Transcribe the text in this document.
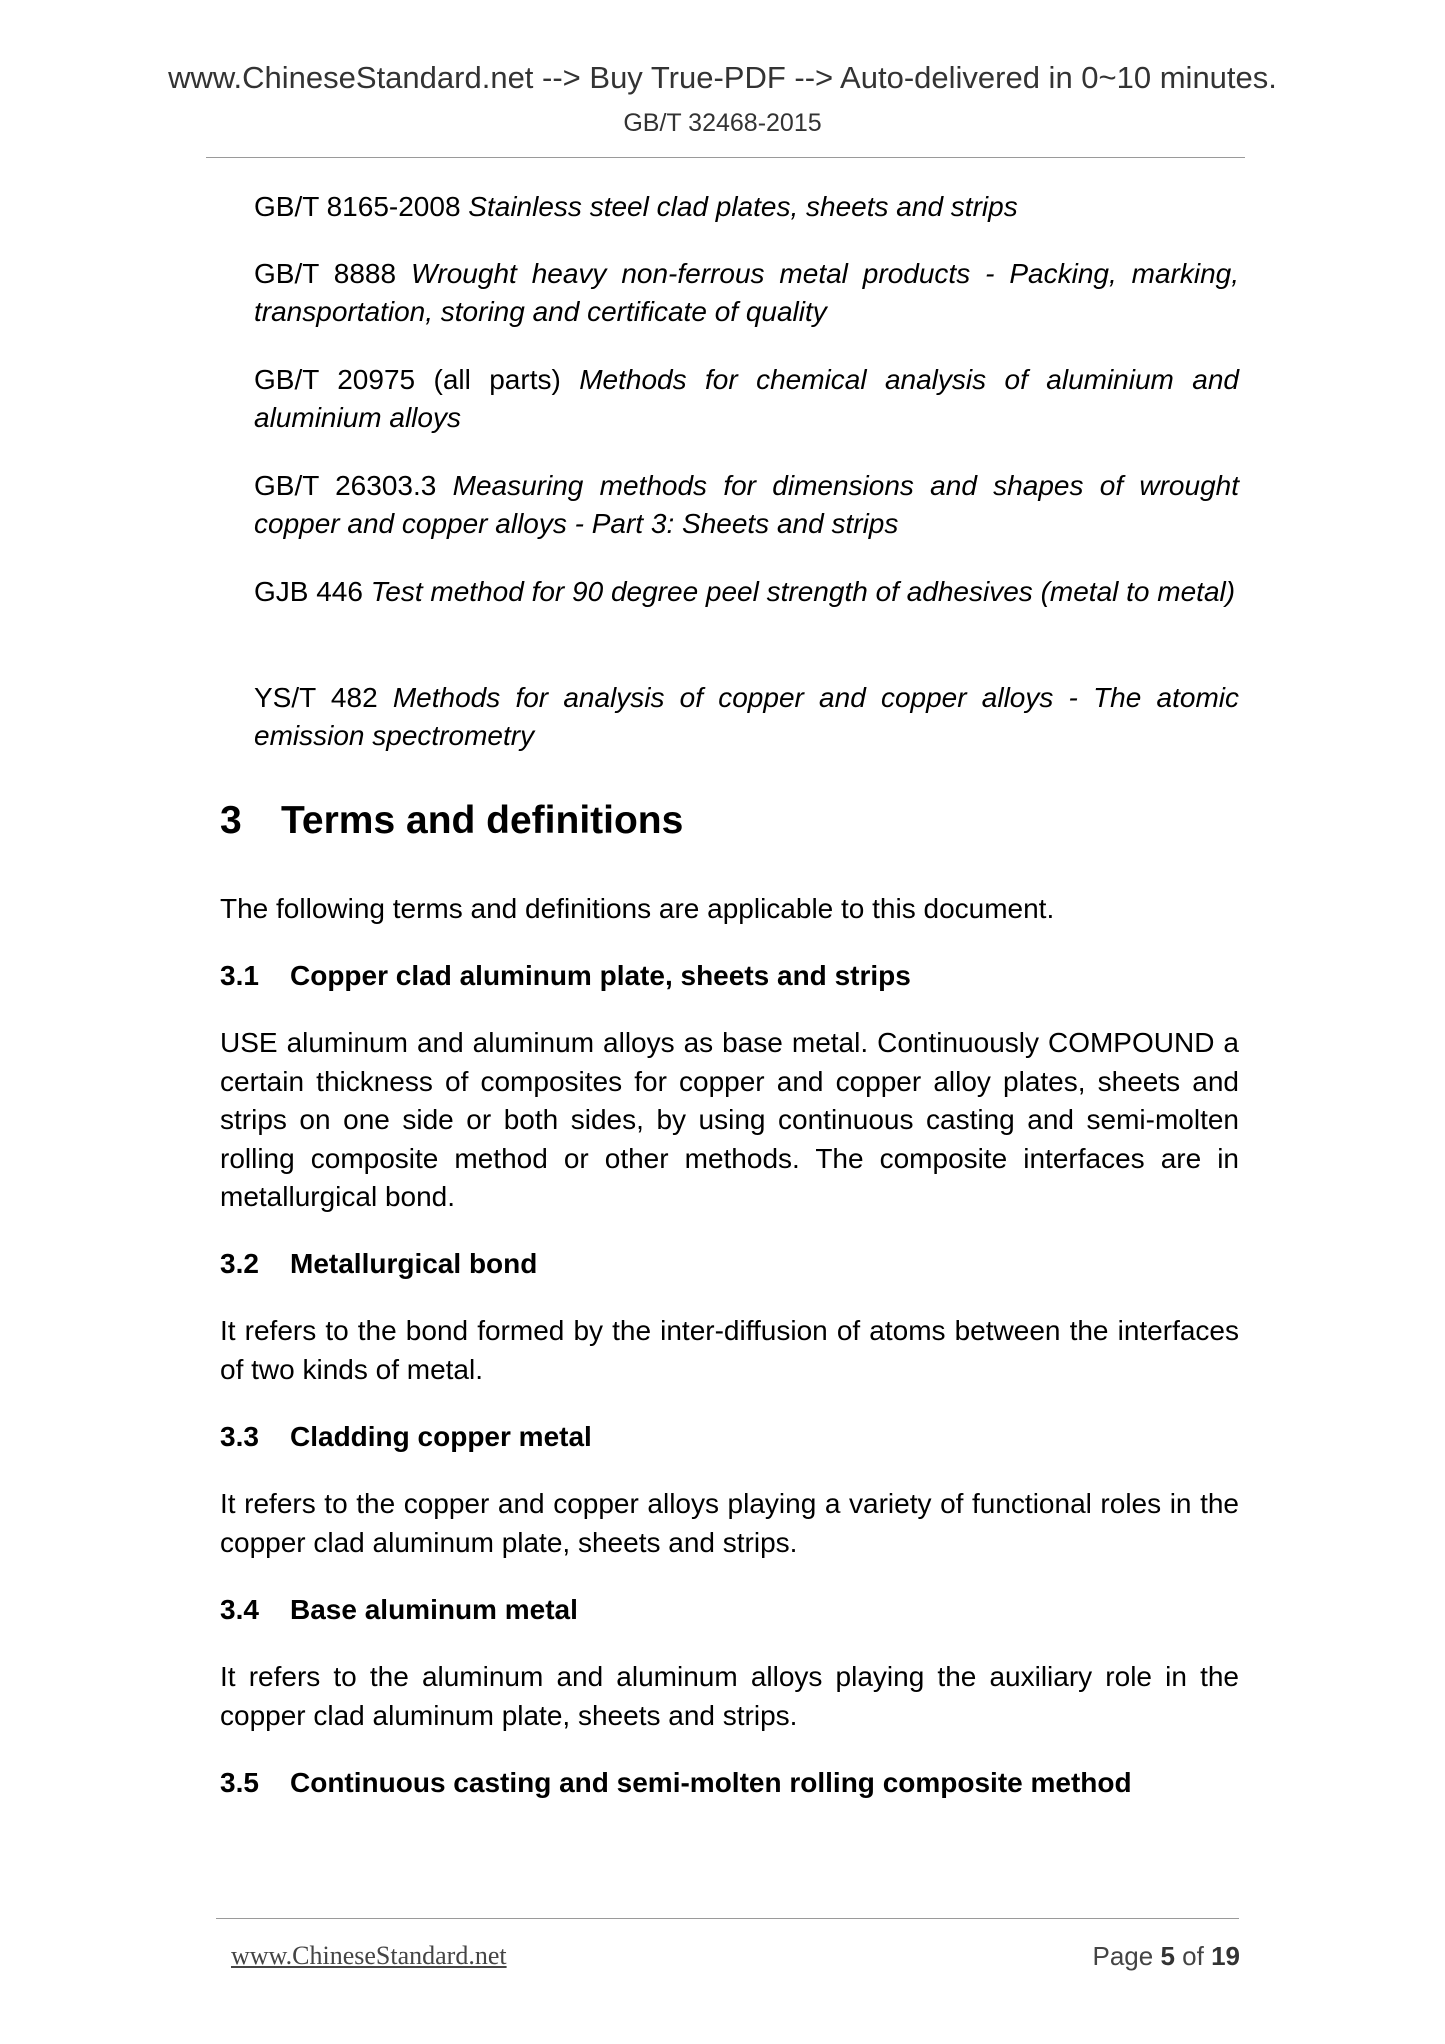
www.ChineseStandard.net --> Buy True-PDF --> Auto-delivered in 0~10 minutes.
GB/T 32468-2015
GB/T 8165-2008 Stainless steel clad plates, sheets and strips
GB/T 8888 Wrought heavy non-ferrous metal products - Packing, marking, transportation, storing and certificate of quality
GB/T 20975 (all parts) Methods for chemical analysis of aluminium and aluminium alloys
GB/T 26303.3 Measuring methods for dimensions and shapes of wrought copper and copper alloys - Part 3: Sheets and strips
GJB 446 Test method for 90 degree peel strength of adhesives (metal to metal)
YS/T 482 Methods for analysis of copper and copper alloys - The atomic emission spectrometry
3 Terms and definitions
The following terms and definitions are applicable to this document.
3.1 Copper clad aluminum plate, sheets and strips
USE aluminum and aluminum alloys as base metal. Continuously COMPOUND a certain thickness of composites for copper and copper alloy plates, sheets and strips on one side or both sides, by using continuous casting and semi-molten rolling composite method or other methods. The composite interfaces are in metallurgical bond.
3.2 Metallurgical bond
It refers to the bond formed by the inter-diffusion of atoms between the interfaces of two kinds of metal.
3.3 Cladding copper metal
It refers to the copper and copper alloys playing a variety of functional roles in the copper clad aluminum plate, sheets and strips.
3.4 Base aluminum metal
It refers to the aluminum and aluminum alloys playing the auxiliary role in the copper clad aluminum plate, sheets and strips.
3.5 Continuous casting and semi-molten rolling composite method
www.ChineseStandard.net	Page 5 of 19
